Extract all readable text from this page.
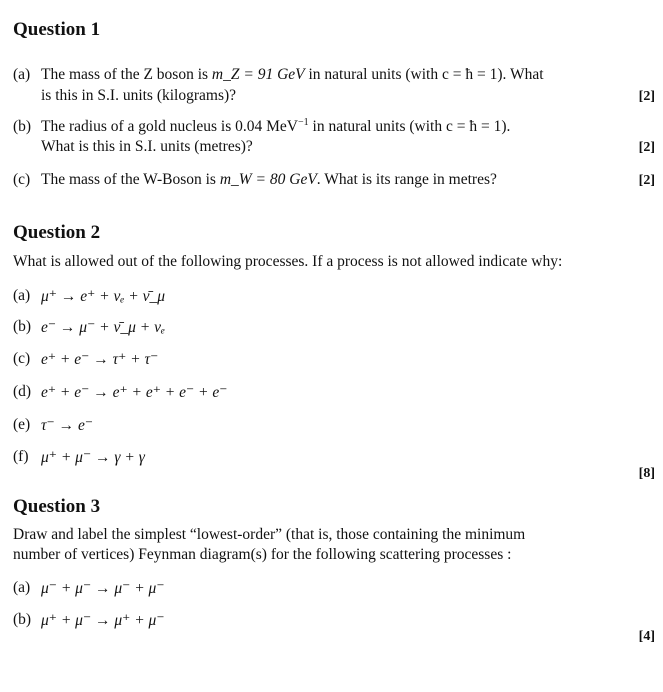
Question 1
(a) The mass of the Z boson is m_Z = 91 GeV in natural units (with c = ħ = 1). What
is this in S.I. units (kilograms)?	[2]
(b) The radius of a gold nucleus is 0.04 MeV$^{-1}$ in natural units (with c = ħ = 1).
What is this in S.I. units (metres)?	[2]
(c) The mass of the W-Boson is m_W = 80 GeV. What is its range in metres?	[2]
Question 2
What is allowed out of the following processes. If a process is not allowed indicate why:
(a) μ⁺ → e⁺ + νₑ + ν̄_μ
(b) e⁻ → μ⁻ + ν̄_μ + νₑ
(c) e⁺ + e⁻ → τ⁺ + τ⁻
(d) e⁺ + e⁻ → e⁺ + e⁺ + e⁻ + e⁻
(e) τ⁻ → e⁻
(f) μ⁺ + μ⁻ → γ + γ
[8]
Question 3
Draw and label the simplest “lowest-order” (that is, those containing the minimum
number of vertices) Feynman diagram(s) for the following scattering processes :
(a) μ⁻ + μ⁻ → μ⁻ + μ⁻
(b) μ⁺ + μ⁻ → μ⁺ + μ⁻
[4]
